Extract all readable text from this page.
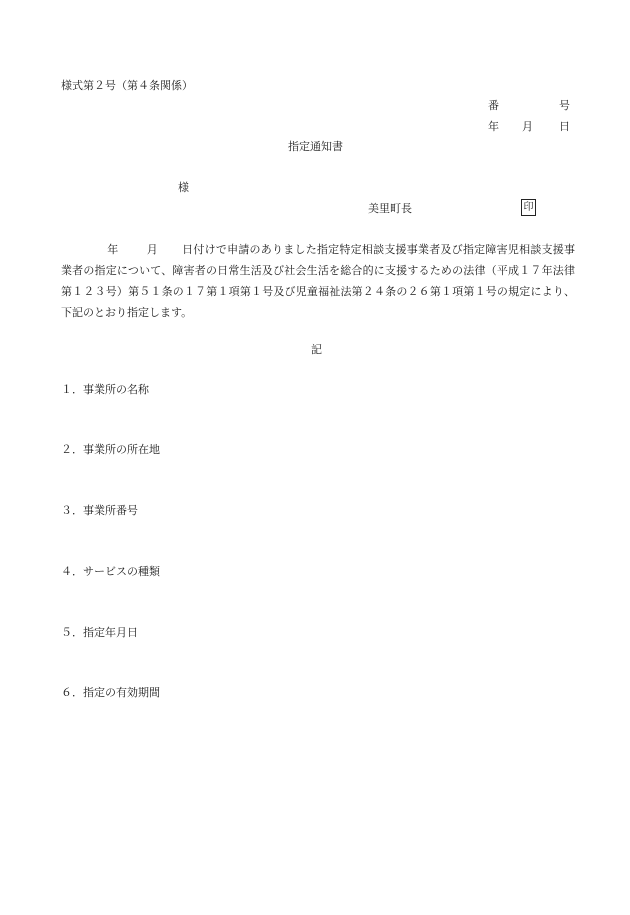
様式第２号（第４条関係）
番	号
年 月 日
指定通知書
様
美里町長	印
年	月 日付けで申請のありました指定特定相談支援事業者及び指定障害児相談支援事業者の指定について、障害者の日常生活及び社会生活を総合的に支援するための法律（平成１７年法律第１２３号）第５１条の１７第１項第１号及び児童福祉法第２４条の２６第１項第１号の規定により、下記のとおり指定します。
記
１．事業所の名称
２．事業所の所在地
３．事業所番号
４．サービスの種類
５．指定年月日
６．指定の有効期間
